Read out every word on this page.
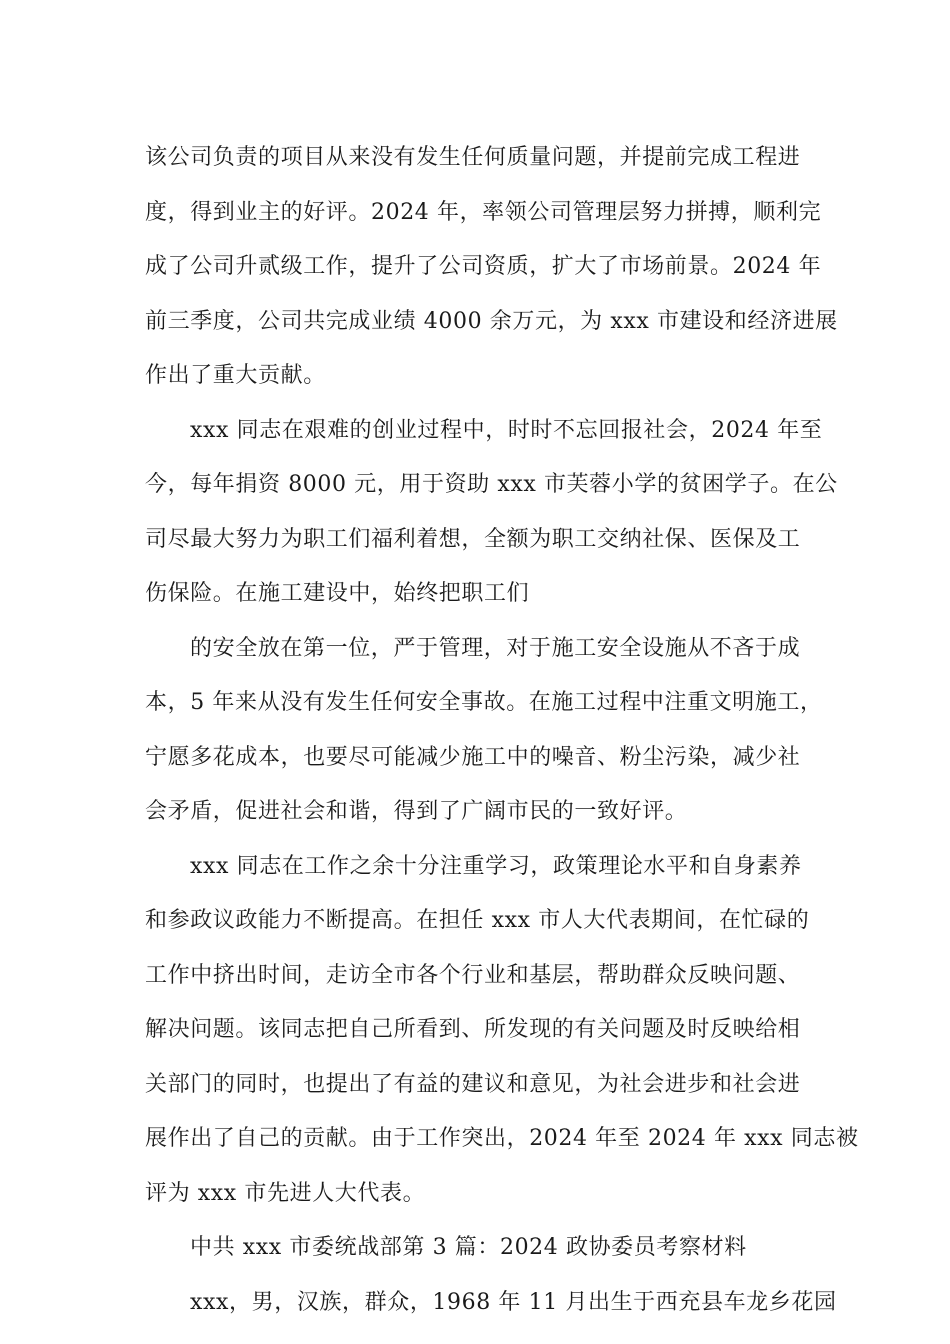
该公司负责的项目从来没有发生任何质量问题，并提前完成工程进
度，得到业主的好评。2024 年，率领公司管理层努力拼搏，顺利完
成了公司升贰级工作，提升了公司资质，扩大了市场前景。2024 年
前三季度，公司共完成业绩 4000 余万元，为 xxx 市建设和经济进展
作出了重大贡献。

xxx 同志在艰难的创业过程中，时时不忘回报社会，2024 年至
今，每年捐资 8000 元，用于资助 xxx 市芙蓉小学的贫困学子。在公
司尽最大努力为职工们福利着想，全额为职工交纳社保、医保及工
伤保险。在施工建设中，始终把职工们

的安全放在第一位，严于管理，对于施工安全设施从不吝于成
本，5 年来从没有发生任何安全事故。在施工过程中注重文明施工，
宁愿多花成本，也要尽可能减少施工中的噪音、粉尘污染，减少社
会矛盾，促进社会和谐，得到了广阔市民的一致好评。

xxx 同志在工作之余十分注重学习，政策理论水平和自身素养
和参政议政能力不断提高。在担任 xxx 市人大代表期间，在忙碌的
工作中挤出时间，走访全市各个行业和基层，帮助群众反映问题、
解决问题。该同志把自己所看到、所发现的有关问题及时反映给相
关部门的同时，也提出了有益的建议和意见，为社会进步和社会进
展作出了自己的贡献。由于工作突出，2024 年至 2024 年 xxx 同志被
评为 xxx 市先进人大代表。

中共 xxx 市委统战部第 3 篇：2024 政协委员考察材料

xxx，男，汉族，群众，1968 年 11 月出生于西充县车龙乡花园
